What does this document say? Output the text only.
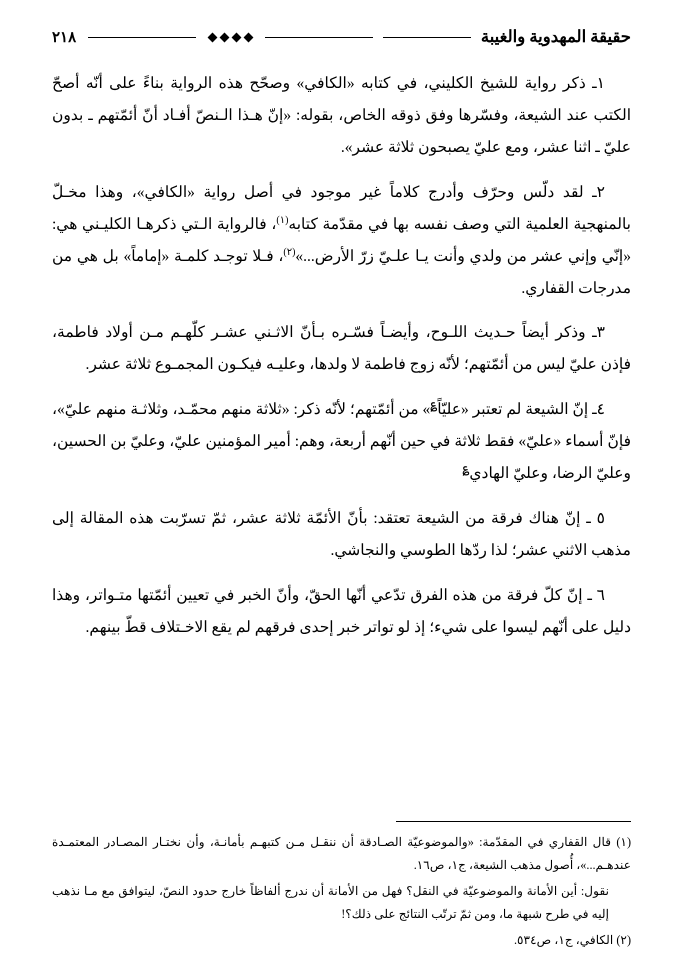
حقيقة المهدوية والغيبة
٢١٨

١ـ ذكر رواية للشيخ الكليني، في كتابه «الكافي» وصحّح هذه الرواية بناءً على أنّه أصحّ الكتب عند الشيعة، وفسّرها وفق ذوقه الخاص، بقوله: «إنّ هـذا الـنصّ أفـاد أنّ أئمّتهم ـ بدون عليّ ـ اثنا عشر، ومع عليّ يصبحون ثلاثة عشر».

٢ـ لقد دلّس وحرّف وأدرج كلاماً غير موجود في أصل رواية «الكافي»، وهذا مخـلّ بالمنهجية العلمية التي وصف نفسه بها في مقدّمة كتابه$^{(١)}$، فالرواية الـتي ذكرهـا الكليـني هي: «إنّي وإني عشر من ولدي وأنت يـا علـيّ زرّ الأرض...»$^{(٢)}$، فـلا توجـد كلمـة «إماماً» بل هي من مدرجات القفاري.

٣ـ وذكر أيضاً حـديث اللـوح، وأيضـاً فسّـره بـأنّ الاثـني عشـر كلّهـم مـن أولاد فاطمة، فإذن عليّ ليس من أئمّتهم؛ لأنّه زوج فاطمة لا ولدها، وعليـه فيكـون المجمـوع ثلاثة عشر.

٤ـ إنّ الشيعة لم تعتبر «عليّاً؏» من أئمّتهم؛ لأنّه ذكر: «ثلاثة منهم محمّـد، وثلاثـة منهم عليّ»، فإنّ أسماء «عليّ» فقط ثلاثة في حين أنّهم أربعة، وهم: أمير المؤمنين عليّ، وعليّ بن الحسين، وعليّ الرضا، وعليّ الهادي؏

٥ ـ إنّ هناك فرقة من الشيعة تعتقد: بأنّ الأئمّة ثلاثة عشر، ثمّ تسرّبت هذه المقالة إلى مذهب الاثني عشر؛ لذا ردّها الطوسي والنجاشي.

٦ ـ إنّ كلّ فرقة من هذه الفرق تدّعي أنّها الحقّ، وأنّ الخبر في تعيين أئمّتها متـواتر، وهذا دليل على أنّهم ليسوا على شيء؛ إذ لو تواتر خبر إحدى فرقهم لم يقع الاخـتلاف قطّ بينهم.

(١) قال القفاري في المقدّمة: «والموضوعيّة الصـادقة أن ننقـل مـن كتبهـم بأمانـة، وأن نختـار المصـادر المعتمـدة عندهـم...»، أُصول مذهب الشيعة، ج١، ص١٦.

نقول: أين الأمانة والموضوعيّة في النقل؟ فهل من الأمانة أن ندرج ألفاظاً خارج حدود النصّ، ليتوافق مع مـا نذهب إليه في طرح شبهة ما، ومن ثمّ ترتّب النتائج على ذلك؟!

(٢) الكافي، ج١، ص٥٣٤.
